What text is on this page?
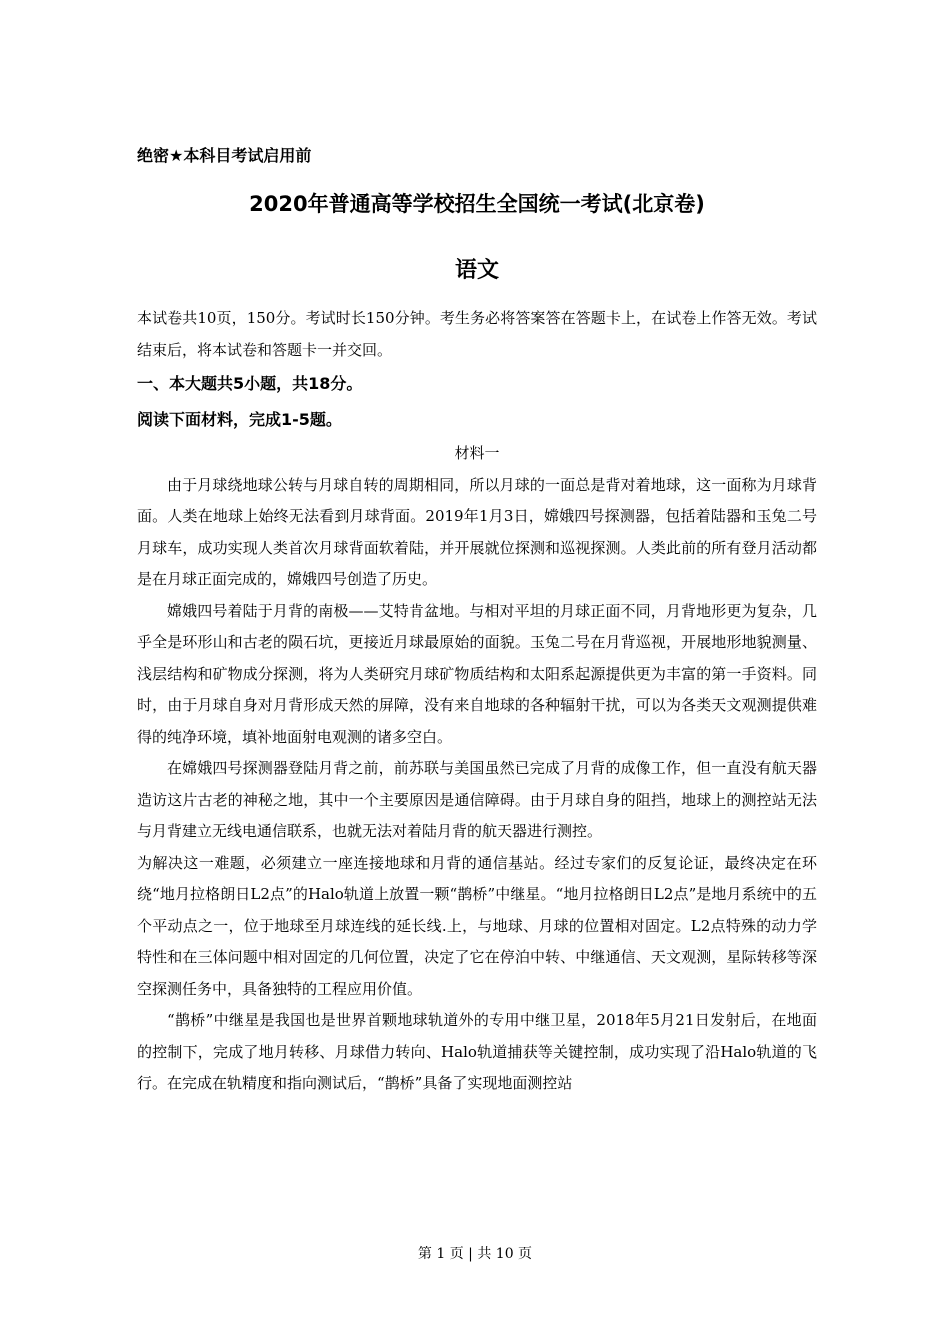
绝密★本科目考试启用前
2020年普通高等学校招生全国统一考试(北京卷)
语文

本试卷共10页，150分。考试时长150分钟。考生务必将答案答在答题卡上，在试卷上作答无效。考试结束后，将本试卷和答题卡一并交回。

一、本大题共5小题，共18分。

阅读下面材料，完成1-5题。

材料一

由于月球绕地球公转与月球自转的周期相同，所以月球的一面总是背对着地球，这一面称为月球背面。人类在地球上始终无法看到月球背面。2019年1月3日，嫦娥四号探测器，包括着陆器和玉兔二号月球车，成功实现人类首次月球背面软着陆，并开展就位探测和巡视探测。人类此前的所有登月活动都是在月球正面完成的，嫦娥四号创造了历史。

嫦娥四号着陆于月背的南极——艾特肯盆地。与相对平坦的月球正面不同，月背地形更为复杂，几乎全是环形山和古老的陨石坑，更接近月球最原始的面貌。玉兔二号在月背巡视，开展地形地貌测量、浅层结构和矿物成分探测，将为人类研究月球矿物质结构和太阳系起源提供更为丰富的第一手资料。同时，由于月球自身对月背形成天然的屏障，没有来自地球的各种辐射干扰，可以为各类天文观测提供难得的纯净环境，填补地面射电观测的诸多空白。

在嫦娥四号探测器登陆月背之前，前苏联与美国虽然已完成了月背的成像工作，但一直没有航天器造访这片古老的神秘之地，其中一个主要原因是通信障碍。由于月球自身的阻挡，地球上的测控站无法与月背建立无线电通信联系，也就无法对着陆月背的航天器进行测控。

为解决这一难题，必须建立一座连接地球和月背的通信基站。经过专家们的反复论证，最终决定在环绕“地月拉格朗日L2点”的Halo轨道上放置一颗“鹊桥”中继星。“地月拉格朗日L2点”是地月系统中的五个平动点之一，位于地球至月球连线的延长线.上，与地球、月球的位置相对固定。L2点特殊的动力学特性和在三体问题中相对固定的几何位置，决定了它在停泊中转、中继通信、天文观测，星际转移等深空探测任务中，具备独特的工程应用价值。

“鹊桥”中继星是我国也是世界首颗地球轨道外的专用中继卫星，2018年5月21日发射后，在地面的控制下，完成了地月转移、月球借力转向、Halo轨道捕获等关键控制，成功实现了沿Halo轨道的飞行。在完成在轨精度和指向测试后，“鹊桥”具备了实现地面测控站

第 1 页 | 共 10 页
